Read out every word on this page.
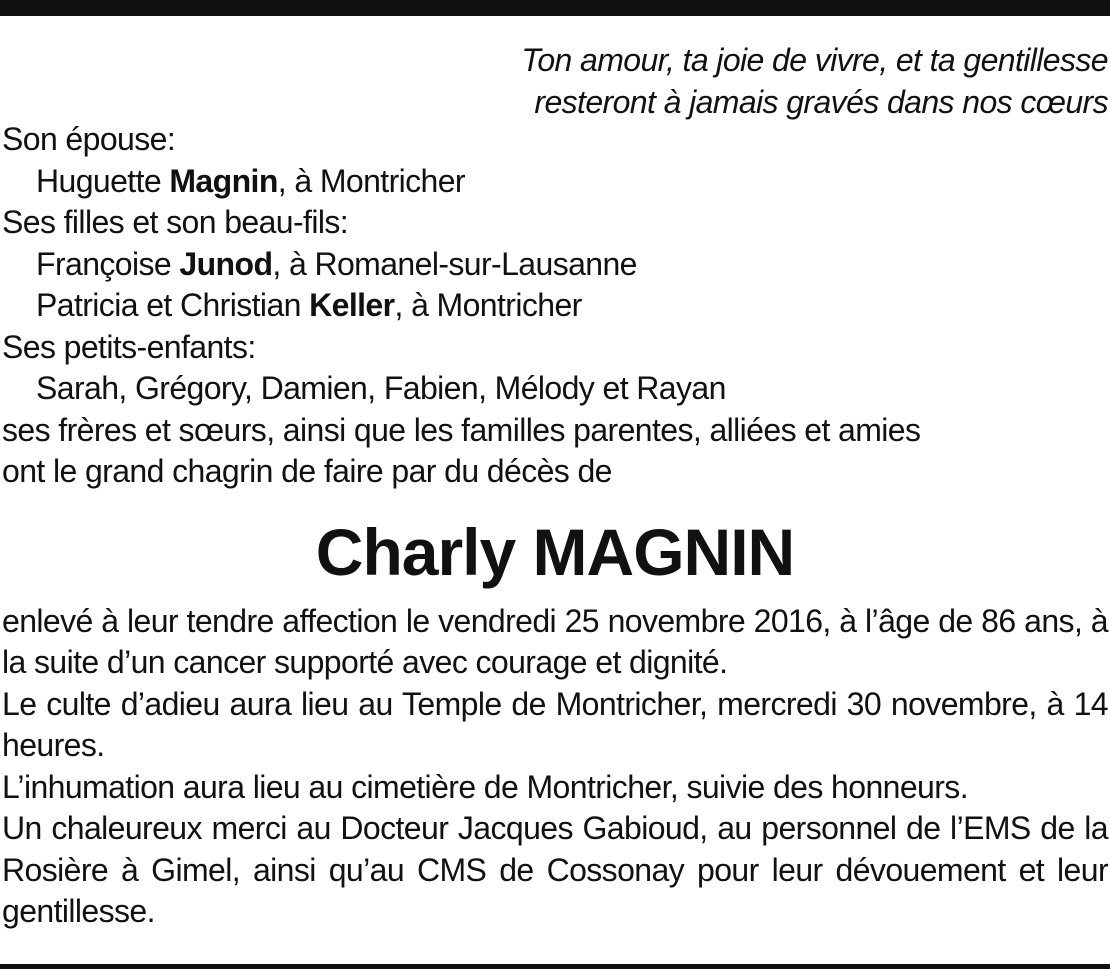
Ton amour, ta joie de vivre, et ta gentillesse
resteront à jamais gravés dans nos cœurs
Son épouse:
Huguette Magnin, à Montricher
Ses filles et son beau-fils:
Françoise Junod, à Romanel-sur-Lausanne
Patricia et Christian Keller, à Montricher
Ses petits-enfants:
Sarah, Grégory, Damien, Fabien, Mélody et Rayan
ses frères et sœurs, ainsi que les familles parentes, alliées et amies
ont le grand chagrin de faire par du décès de
Charly MAGNIN
enlevé à leur tendre affection le vendredi 25 novembre 2016, à l’âge de 86 ans, à la suite d’un cancer supporté avec courage et dignité.
Le culte d’adieu aura lieu au Temple de Montricher, mercredi 30 novembre, à 14 heures.
L’inhumation aura lieu au cimetière de Montricher, suivie des honneurs.
Un chaleureux merci au Docteur Jacques Gabioud, au personnel de l’EMS de la Rosière à Gimel, ainsi qu’au CMS de Cossonay pour leur dévouement et leur gentillesse.
